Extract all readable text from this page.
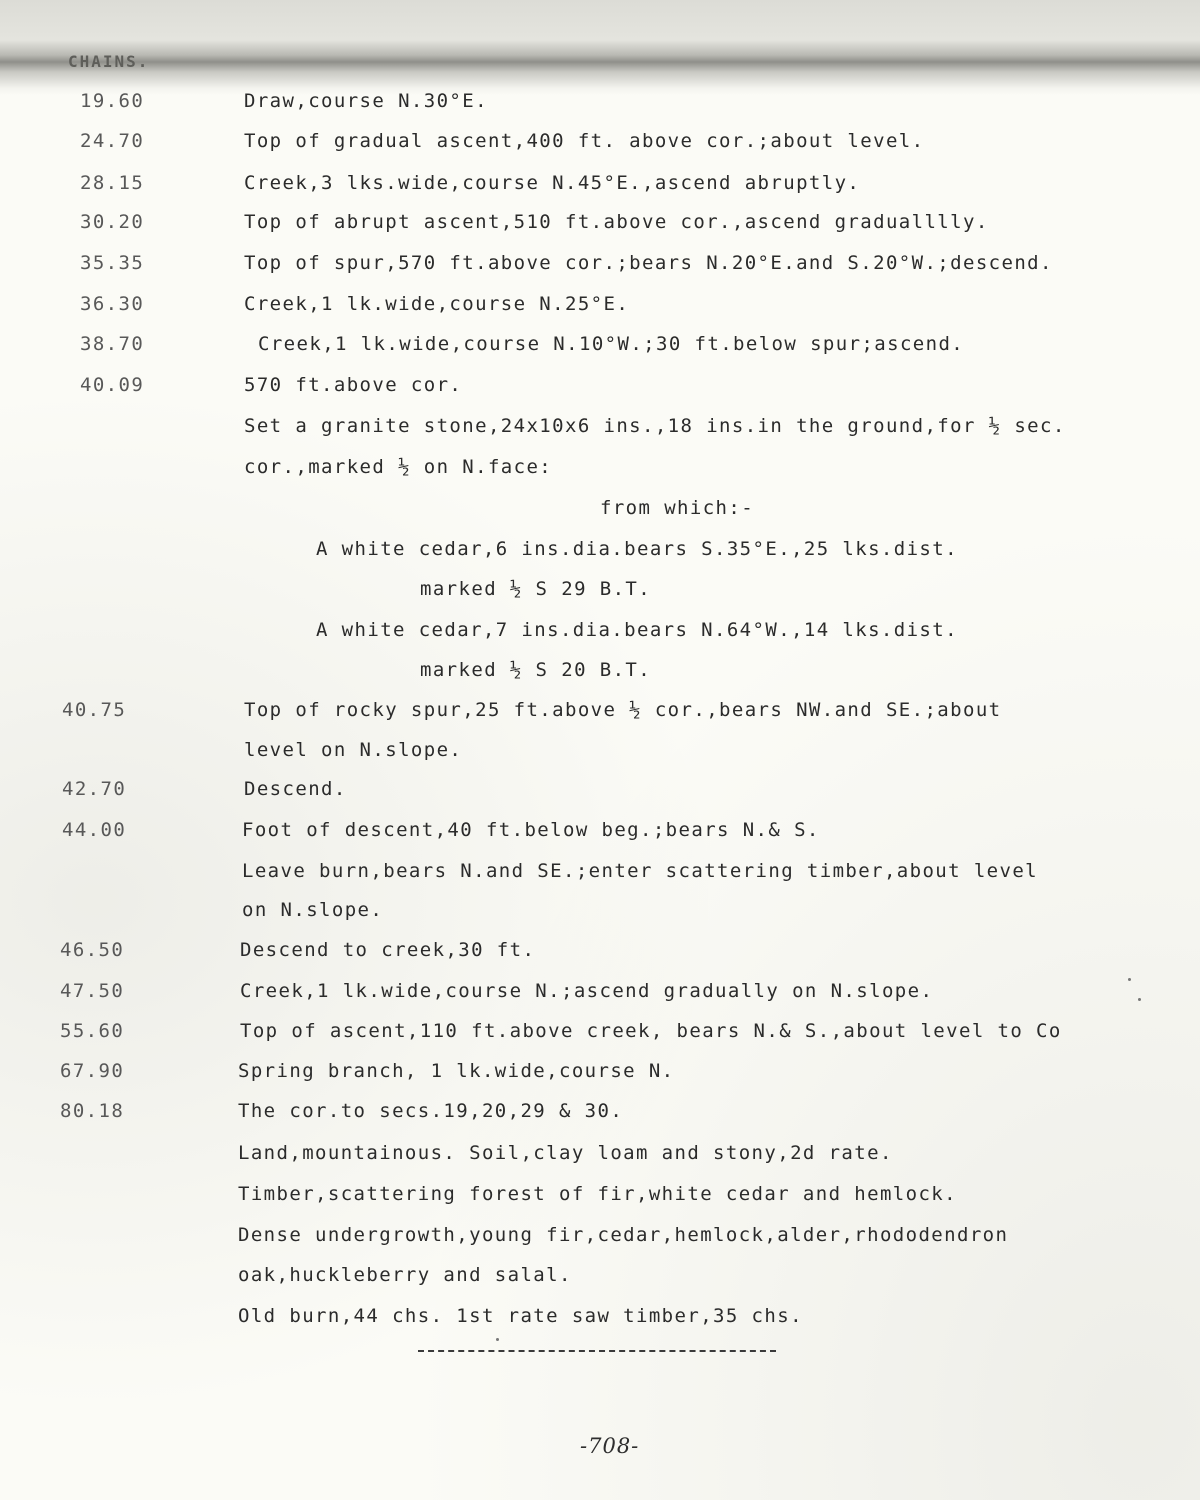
CHAINS.
19.60
24.70
28.15
30.20
35.35
36.30
38.70
40.09
40.75
42.70
44.00
46.50
47.50
55.60
67.90
80.18
Draw,course N.30°E.
Top of gradual ascent,400 ft. above cor.;about level.
Creek,3 lks.wide,course N.45°E.,ascend abruptly.
Top of abrupt ascent,510 ft.above cor.,ascend gradualllly.
Top of spur,570 ft.above cor.;bears N.20°E.and S.20°W.;descend.
Creek,1 lk.wide,course N.25°E.
Creek,1 lk.wide,course N.10°W.;30 ft.below spur;ascend.
570 ft.above cor.
Set a granite stone,24x10x6 ins.,18 ins.in the ground,for ½ sec.
cor.,marked ½ on N.face:
from which:-
A white cedar,6 ins.dia.bears S.35°E.,25 lks.dist.
marked ½ S 29 B.T.
A white cedar,7 ins.dia.bears N.64°W.,14 lks.dist.
marked ½ S 20 B.T.
Top of rocky spur,25 ft.above ½ cor.,bears NW.and SE.;about
level on N.slope.
Descend.
Foot of descent,40 ft.below beg.;bears N.& S.
Leave burn,bears N.and SE.;enter scattering timber,about level
on N.slope.
Descend to creek,30 ft.
Creek,1 lk.wide,course N.;ascend gradually on N.slope.
Top of ascent,110 ft.above creek, bears N.& S.,about level to Co
Spring branch, 1 lk.wide,course N.
The cor.to secs.19,20,29 & 30.
Land,mountainous. Soil,clay loam and stony,2d rate.
Timber,scattering forest of fir,white cedar and hemlock.
Dense undergrowth,young fir,cedar,hemlock,alder,rhododendron
oak,huckleberry and salal.
Old burn,44 chs. 1st rate saw timber,35 chs.
-708-
